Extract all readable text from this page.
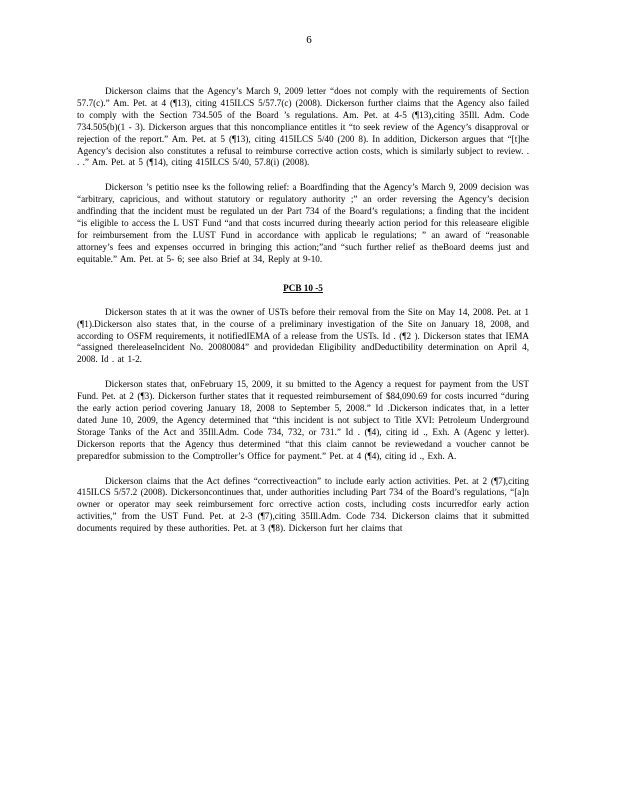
6

Dickerson claims that the Agency’s March 9, 2009 letter “does not comply with the requirements of Section 57.7(c).” Am. Pet. at 4 (¶13), citing 415ILCS 5/57.7(c) (2008). Dickerson further claims that the Agency also failed to comply with the Section 734.505 of the Board ’s regulations. Am. Pet. at 4-5 (¶13),citing 35Ill. Adm. Code 734.505(b)(1 - 3). Dickerson argues that this noncompliance entitles it “to seek review of the Agency’s disapproval or rejection of the report.” Am. Pet. at 5 (¶13), citing 415ILCS 5/40 (200 8). In addition, Dickerson argues that “[t]he Agency’s decision also constitutes a refusal to reimburse corrective action costs, which is similarly subject to review. . . .” Am. Pet. at 5 (¶14), citing 415ILCS 5/40, 57.8(i) (2008).

Dickerson ’s petitio nsee ks the following relief: a Boardfinding that the Agency’s March 9, 2009 decision was “arbitrary, capricious, and without statutory or regulatory authority ;” an order reversing the Agency’s decision andfinding that the incident must be regulated un der Part 734 of the Board’s regulations; a finding that the incident “is eligible to access the L UST Fund “and that costs incurred during theearly action period for this releaseare eligible for reimbursement from the LUST Fund in accordance with applicab le regulations; ” an award of “reasonable attorney’s fees and expenses occurred in bringing this action;”and “such further relief as theBoard deems just and equitable.” Am. Pet. at 5- 6; see also Brief at 34, Reply at 9-10.

PCB 10 -5

Dickerson states th at it was the owner of USTs before their removal from the Site on May 14, 2008. Pet. at 1 (¶1).Dickerson also states that, in the course of a preliminary investigation of the Site on January 18, 2008, and according to OSFM requirements, it notifiedIEMA of a release from the USTs. Id . (¶2 ). Dickerson states that IEMA “assigned thereleaseIncident No. 20080084” and providedan Eligibility andDeductibility determination on April 4, 2008. Id . at 1-2.

Dickerson states that, onFebruary 15, 2009, it su bmitted to the Agency a request for payment from the UST Fund. Pet. at 2 (¶3). Dickerson further states that it requested reimbursement of $84,090.69 for costs incurred “during the early action period covering January 18, 2008 to September 5, 2008.” Id .Dickerson indicates that, in a letter dated June 10, 2009, the Agency determined that “this incident is not subject to Title XVI: Petroleum Underground Storage Tanks of the Act and 35Ill.Adm. Code 734, 732, or 731.” Id . (¶4), citing id ., Exh. A (Agenc y letter). Dickerson reports that the Agency thus determined “that this claim cannot be reviewedand a voucher cannot be preparedfor submission to the Comptroller’s Office for payment.” Pet. at 4 (¶4), citing id ., Exh. A.

Dickerson claims that the Act defines “correctiveaction” to include early action activities. Pet. at 2 (¶7),citing 415ILCS 5/57.2 (2008). Dickersoncontinues that, under authorities including Part 734 of the Board’s regulations, “[a]n owner or operator may seek reimbursement forc orrective action costs, including costs incurredfor early action activities,” from the UST Fund. Pet. at 2-3 (¶7),citing 35Ill.Adm. Code 734. Dickerson claims that it submitted documents required by these authorities. Pet. at 3 (¶8). Dickerson furt her claims that
